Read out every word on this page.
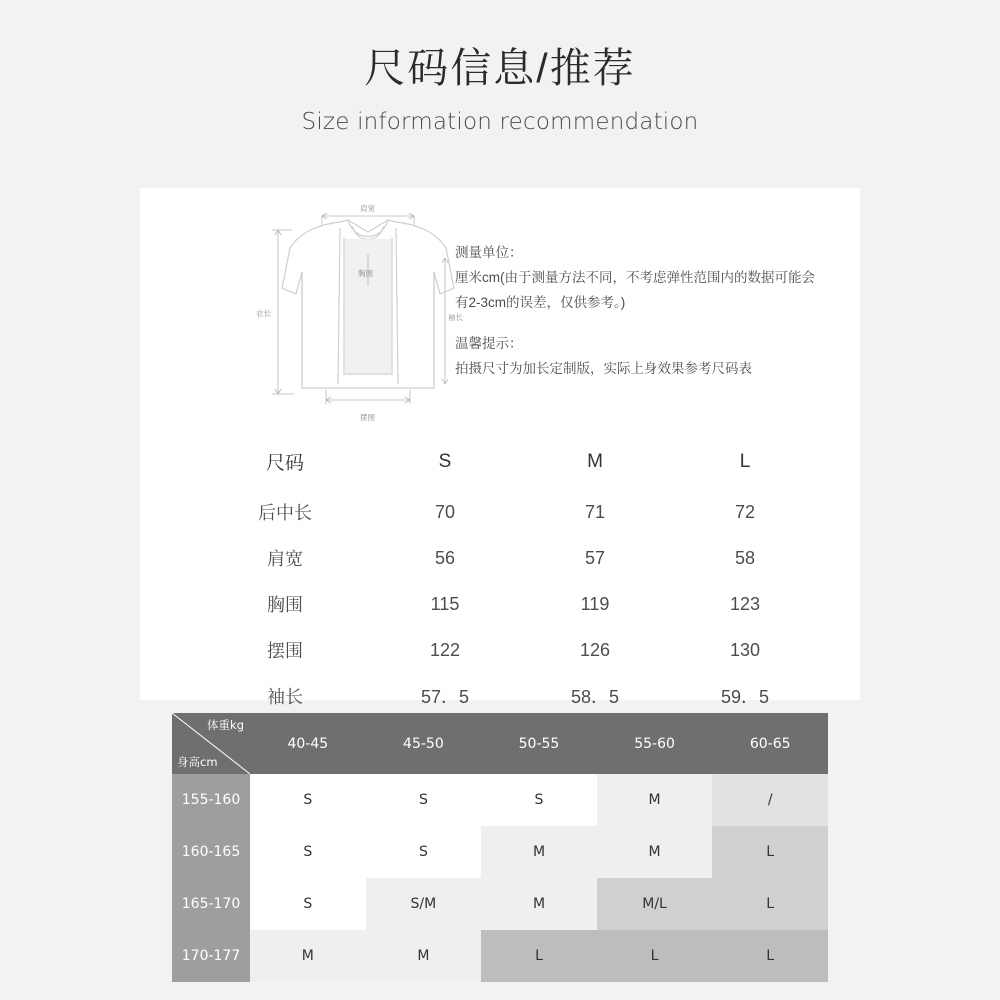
尺码信息/推荐
Size information recommendation
肩宽
胸围
衣长	袖长
摆围
测量单位：
厘米cm(由于测量方法不同，不考虑弹性范围内的数据可能会有2-3cm的误差，仅供参考。)
温馨提示：
拍摄尺寸为加长定制版，实际上身效果参考尺码表
尺码	S	M	L
后中长	70	71	72
肩宽	56	57	58
胸围	115	119	123
摆围	122	126	130
袖长	57．5	58．5	59．5
体重kg
身高cm	40-45	45-50	50-55	55-60	60-65
155-160	S	S	S	M	/
160-165	S	S	M	M	L
165-170	S	S/M	M	M/L	L
170-177	M	M	L	L	L
